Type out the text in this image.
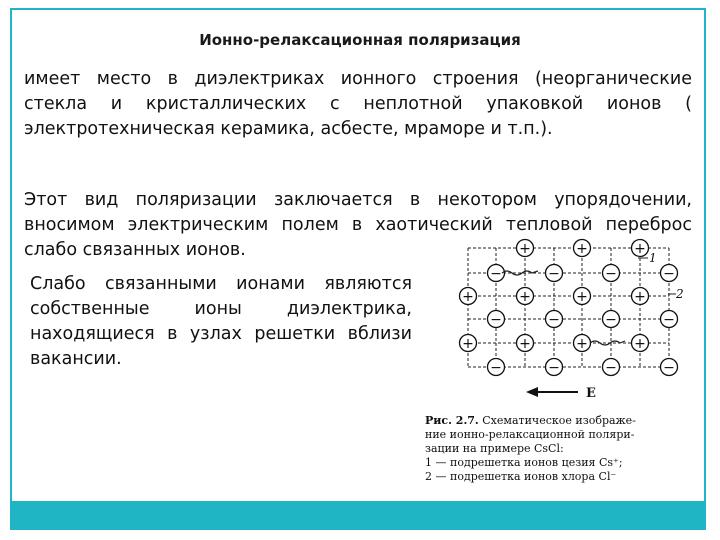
Ионно-релаксационная поляризация
имеет место в диэлектриках ионного строения (неорганические стекла и кристаллических с неплотной упаковкой ионов ( электротехническая керамика, асбесте, мраморе и т.п.).
Этот вид поляризации заключается в некотором упорядочении, вносимом электрическим полем в хаотический тепловой переброс слабо связанных ионов.
Слабо связанными ионами являются собственные ионы диэлектрика, находящиеся в узлах решетки вблизи вакансии.
+	+	+
−	−	−	−
+	+	+	+
−	−	−	−
+	+	+	+
−	−	−	−
1
2
E
Рис. 2.7. Схематическое изображе-
ние ионно-релаксационной поляри-
зации на примере CsCl:
1 — подрешетка ионов цезия Cs⁺;
2 — подрешетка ионов хлора Cl⁻
